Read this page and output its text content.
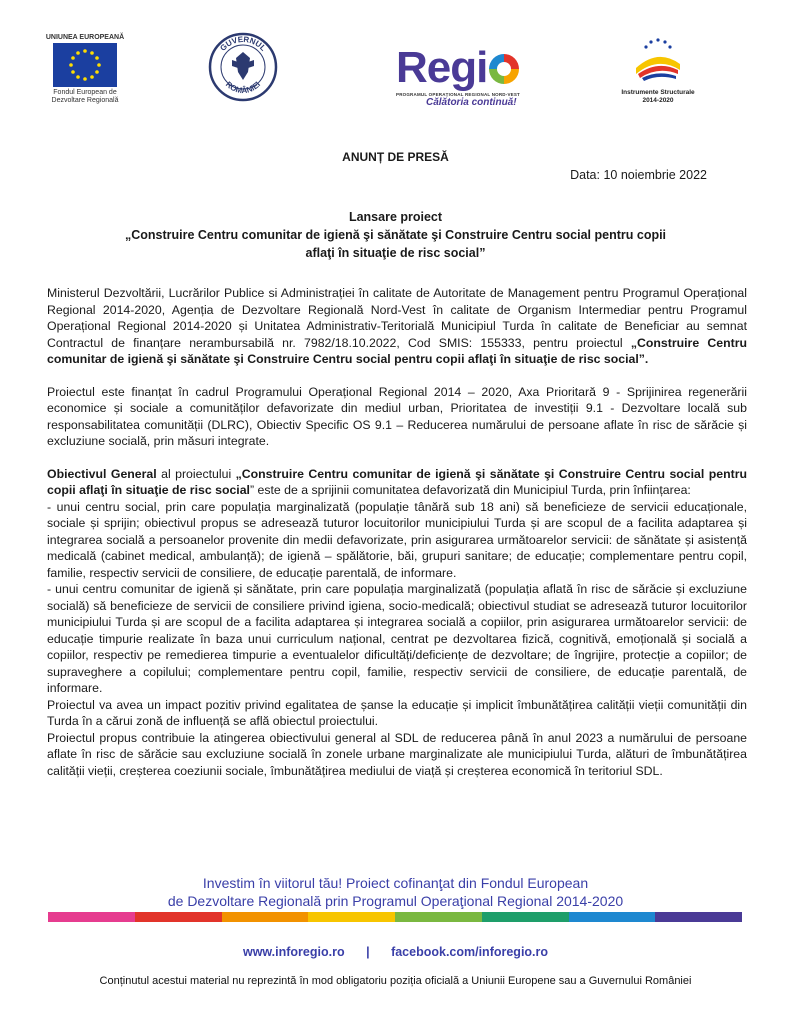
UNIUNEA EUROPEANĂ
Fondul European de
Dezvoltare Regională
GUVERNUL
ROMÂNIEI	Regi
PROGRAMUL OPERAȚIONAL REGIONAL NORD-VEST
Călătoria continuă!
Instrumente Structurale
2014-2020
ANUNȚ DE PRESĂ
Data: 10 noiembrie 2022
Lansare proiect
„Construire Centru comunitar de igienă şi sănătate şi Construire Centru social pentru copii
aflaţi în situaţie de risc social”

Ministerul Dezvoltării, Lucrărilor Publice si Administrației în calitate de Autoritate de Management pentru Programul Operațional Regional 2014-2020, Agenția de Dezvoltare Regională Nord-Vest în calitate de Organism Intermediar pentru Programul Operațional Regional 2014-2020 și Unitatea Administrativ-Teritorială Municipiul Turda în calitate de Beneficiar au semnat Contractul de finanțare nerambursabilă nr. 7982/18.10.2022, Cod SMIS: 155333, pentru proiectul „Construire Centru comunitar de igienă şi sănătate şi Construire Centru social pentru copii aflaţi în situaţie de risc social”.

Proiectul este finanțat în cadrul Programului Operațional Regional 2014 – 2020, Axa Prioritară 9 - Sprijinirea regenerării economice și sociale a comunităților defavorizate din mediul urban, Prioritatea de investiții 9.1 - Dezvoltare locală sub responsabilitatea comunității (DLRC), Obiectiv Specific OS 9.1 – Reducerea numărului de persoane aflate în risc de sărăcie și excluziune socială, prin măsuri integrate.

Obiectivul General al proiectului „Construire Centru comunitar de igienă şi sănătate şi Construire Centru social pentru copii aflaţi în situaţie de risc social” este de a sprijinii comunitatea defavorizată din Municipiul Turda, prin înființarea:

- unui centru social, prin care populația marginalizată (populație tânără sub 18 ani) să beneficieze de servicii educaționale, sociale și sprijin; obiectivul propus se adresează tuturor locuitorilor municipiului Turda și are scopul de a facilita adaptarea și integrarea socială a persoanelor provenite din medii defavorizate, prin asigurarea următoarelor servicii: de sănătate și asistență medicală (cabinet medical, ambulanță); de igienă – spălătorie, băi, grupuri sanitare; de educație; complementare pentru copil, familie, respectiv servicii de consiliere, de educație parentală, de informare.

- unui centru comunitar de igienă și sănătate, prin care populația marginalizată (populația aflată în risc de sărăcie și excluziune socială) să beneficieze de servicii de consiliere privind igiena, socio-medicală; obiectivul studiat se adresează tuturor locuitorilor municipiului Turda și are scopul de a facilita adaptarea și integrarea socială a copiilor, prin asigurarea următoarelor servicii: de educație timpurie realizate în baza unui curriculum național, centrat pe dezvoltarea fizică, cognitivă, emoțională și socială a copiilor, respectiv pe remedierea timpurie a eventualelor dificultăți/deficiențe de dezvoltare; de îngrijire, protecție a copiilor; de supraveghere a copilului; complementare pentru copil, familie, respectiv servicii de consiliere, de educație parentală, de informare.

Proiectul va avea un impact pozitiv privind egalitatea de șanse la educație și implicit îmbunătățirea calității vieții comunității din Turda în a cărui zonă de influență se află obiectul proiectului.

Proiectul propus contribuie la atingerea obiectivului general al SDL de reducerea până în anul 2023 a numărului de persoane aflate în risc de sărăcie sau excluziune socială în zonele urbane marginalizate ale municipiului Turda, alături de îmbunătățirea calității vieții, creșterea coeziunii sociale, îmbunătățirea mediului de viață și creșterea economică în teritoriul SDL.

Investim în viitorul tău! Proiect cofinanţat din Fondul European
de Dezvoltare Regională prin Programul Operaţional Regional 2014-2020
www.inforegio.ro | facebook.com/inforegio.ro
Conținutul acestui material nu reprezintă în mod obligatoriu poziția oficială a Uniunii Europene sau a Guvernului României
